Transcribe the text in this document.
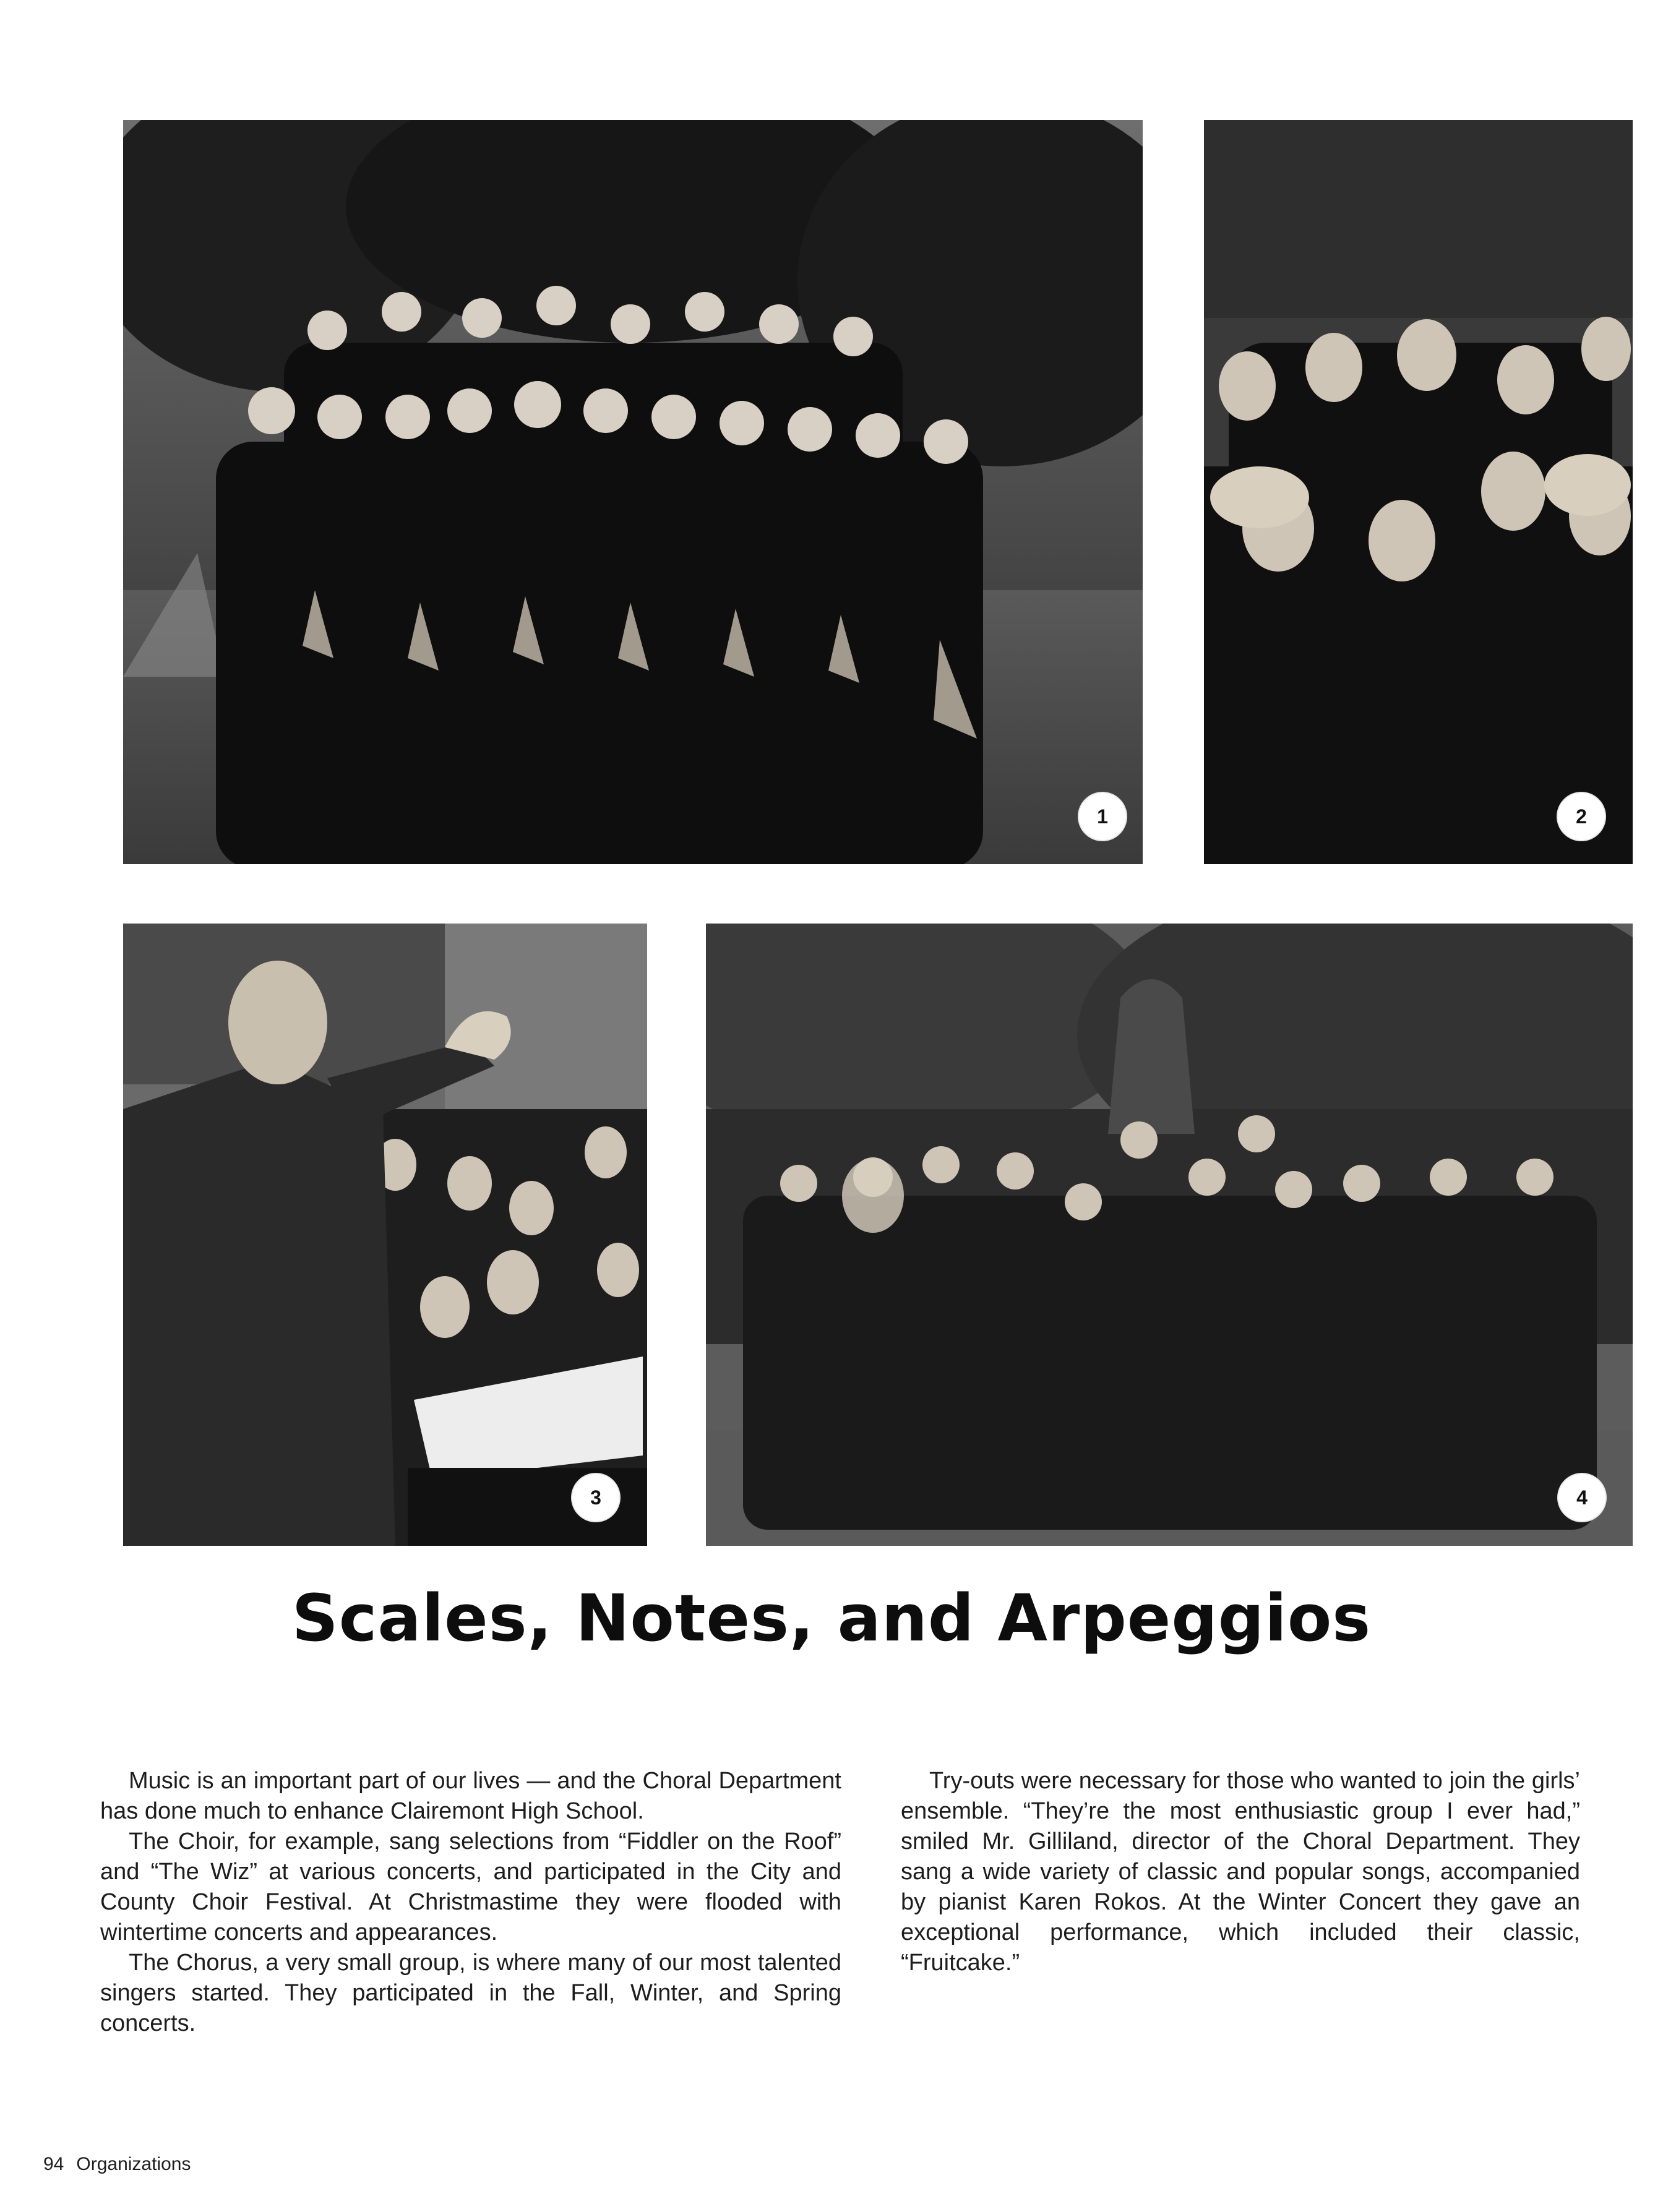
1	2
3	4
Scales, Notes, and Arpeggios

Music is an important part of our lives — and the Choral Department has done much to enhance Clairemont High School.

The Choir, for example, sang selections from “Fiddler on the Roof” and “The Wiz” at various concerts, and participated in the City and County Choir Festival. At Christmastime they were flooded with wintertime concerts and appearances.

The Chorus, a very small group, is where many of our most talented singers started. They participated in the Fall, Winter, and Spring concerts.

Try-outs were necessary for those who wanted to join the girls’ ensemble. “They’re the most enthusiastic group I ever had,” smiled Mr. Gilliland, director of the Choral Department. They sang a wide variety of classic and popular songs, accompanied by pianist Karen Rokos. At the Winter Concert they gave an exceptional performance, which included their classic, “Fruitcake.”

94 Organizations
